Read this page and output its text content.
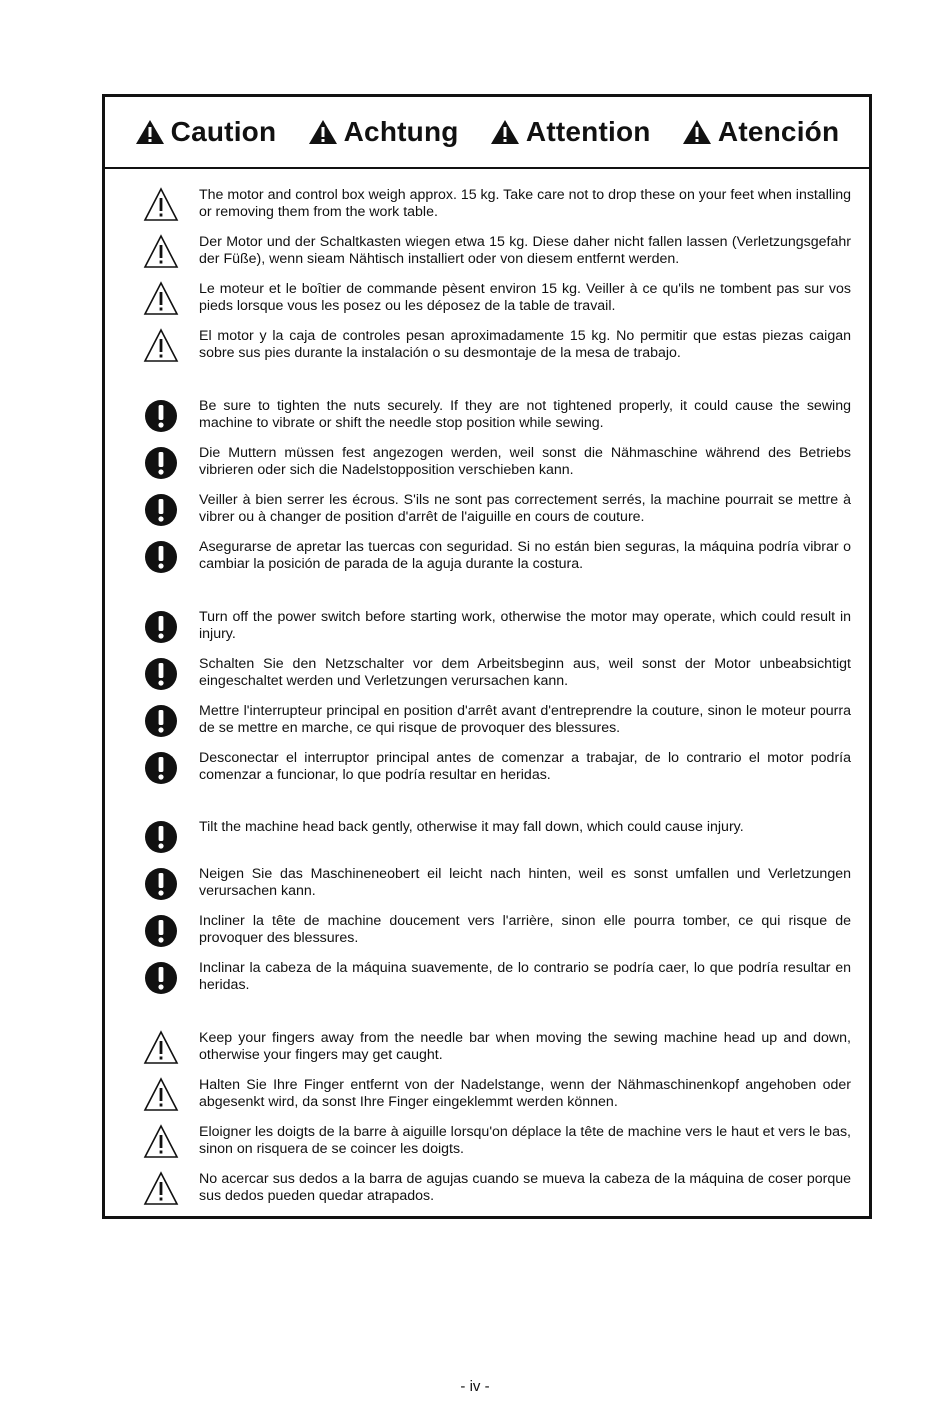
Caution Achtung Attention Atención
The motor and control box weigh approx. 15 kg. Take care not to drop these on your feet when installing or removing them from the work table.
Der Motor und der Schaltkasten wiegen etwa 15 kg. Diese daher nicht fallen lassen (Verletzungsgefahr der Füße), wenn sieam Nähtisch installiert oder von diesem entfernt werden.
Le moteur et le boîtier de commande pèsent environ 15 kg. Veiller à ce qu'ils ne tombent pas sur vos pieds lorsque vous les posez ou les déposez de la table de travail.
El motor y la caja de controles pesan aproximadamente 15 kg. No permitir que estas piezas caigan sobre sus pies durante la instalación o su desmontaje de la mesa de trabajo.
Be sure to tighten the nuts securely. If they are not tightened properly, it could cause the sewing machine to vibrate or shift the needle stop position while sewing.
Die Muttern müssen fest angezogen werden, weil sonst die Nähmaschine während des Betriebs vibrieren oder sich die Nadelstopposition verschieben kann.
Veiller à bien serrer les écrous. S'ils ne sont pas correctement serrés, la machine pourrait se mettre à vibrer ou à changer de position d'arrêt de l'aiguille en cours de couture.
Asegurarse de apretar las tuercas con seguridad. Si no están bien seguras, la máquina podría vibrar o cambiar la posición de parada de la aguja durante la costura.
Turn off the power switch before starting work, otherwise the motor may operate, which could result in injury.
Schalten Sie den Netzschalter vor dem Arbeitsbeginn aus, weil sonst der Motor unbeabsichtigt eingeschaltet werden und Verletzungen verursachen kann.
Mettre l'interrupteur principal en position d'arrêt avant d'entreprendre la couture, sinon le moteur pourra de se mettre en marche, ce qui risque de provoquer des blessures.
Desconectar el interruptor principal antes de comenzar a trabajar, de lo contrario el motor podría comenzar a funcionar, lo que podría resultar en heridas.
Tilt the machine head back gently, otherwise it may fall down, which could cause injury.
Neigen Sie das Maschineneobert eil leicht nach hinten, weil es sonst umfallen und Verletzungen verursachen kann.
Incliner la tête de machine doucement vers l'arrière, sinon elle pourra tomber, ce qui risque de provoquer des blessures.
Inclinar la cabeza de la máquina suavemente, de lo contrario se podría caer, lo que podría resultar en heridas.
Keep your fingers away from the needle bar when moving the sewing machine head up and down, otherwise your fingers may get caught.
Halten Sie Ihre Finger entfernt von der Nadelstange, wenn der Nähmaschinenkopf angehoben oder abgesenkt wird, da sonst Ihre Finger eingeklemmt werden können.
Eloigner les doigts de la barre à aiguille lorsqu'on déplace la tête de machine vers le haut et vers le bas, sinon on risquera de se coincer les doigts.
No acercar sus dedos a la barra de agujas cuando se mueva la cabeza de la máquina de coser porque sus dedos pueden quedar atrapados.
- iv -
